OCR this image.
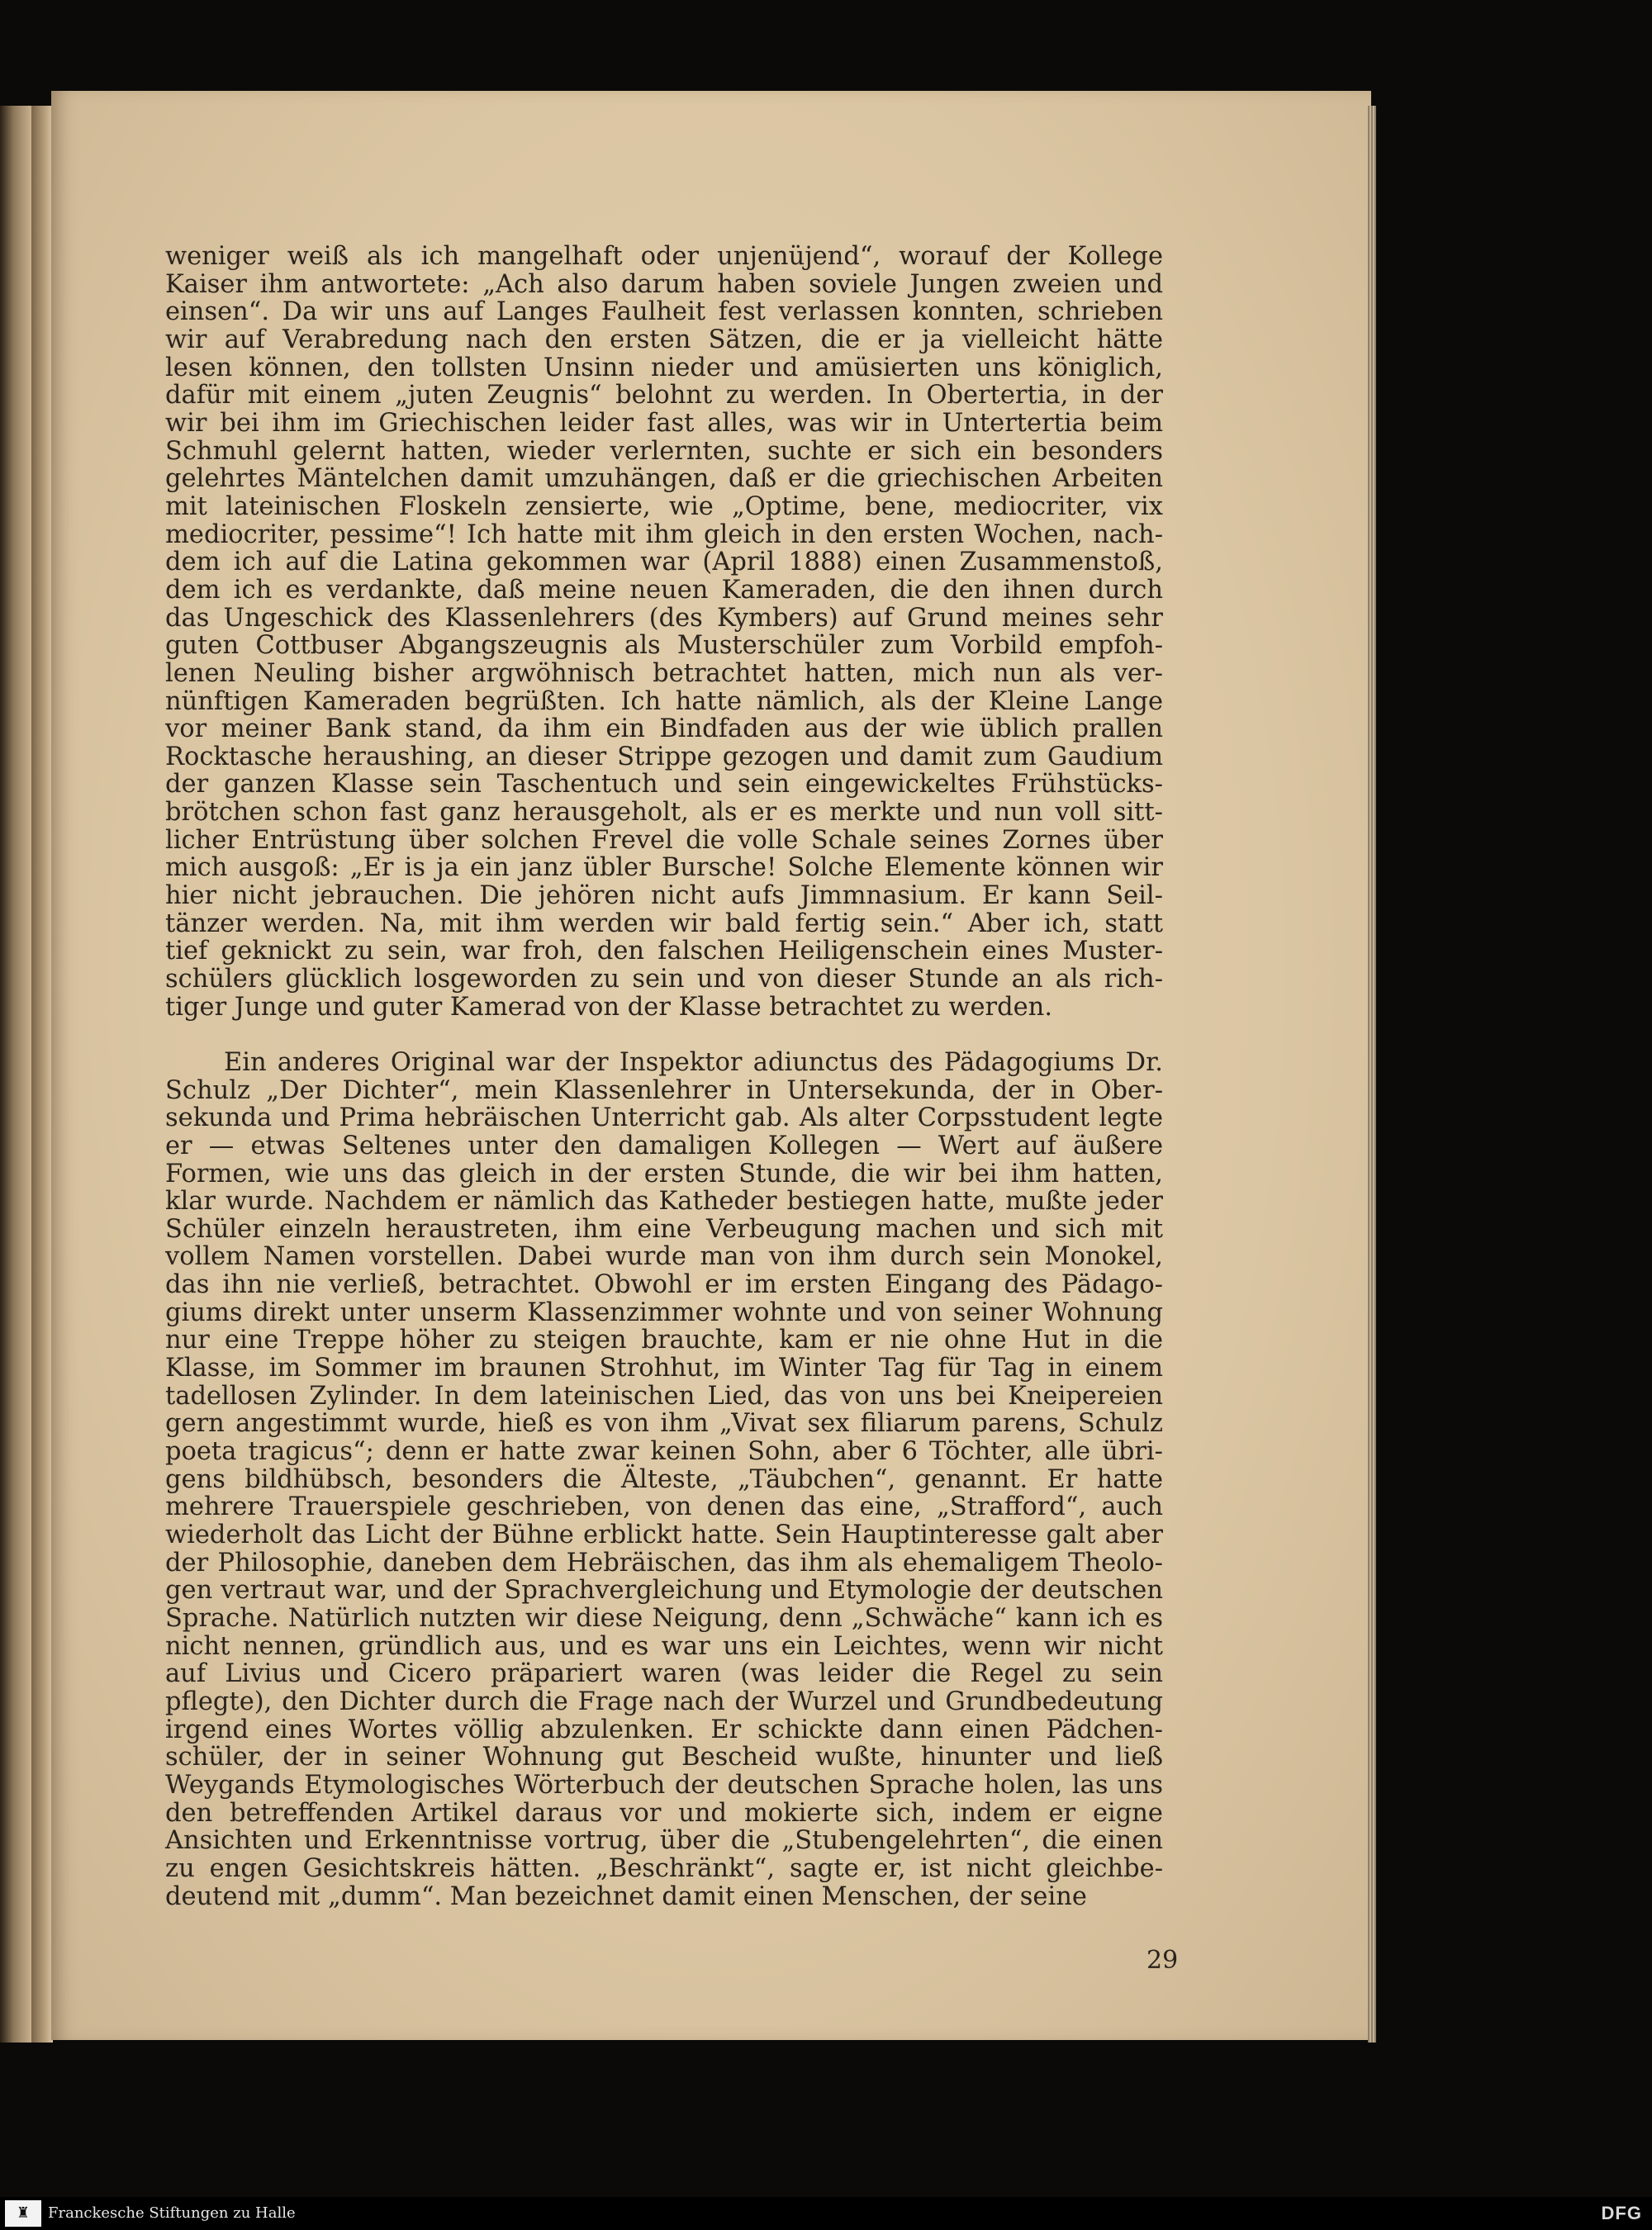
weniger weiß als ich mangelhaft oder unjenüjend“, worauf der Kollege
Kaiser ihm antwortete: „Ach also darum haben soviele Jungen zweien und
einsen“. Da wir uns auf Langes Faulheit fest verlassen konnten, schrieben
wir auf Verabredung nach den ersten Sätzen, die er ja vielleicht hätte
lesen können, den tollsten Unsinn nieder und amüsierten uns königlich,
dafür mit einem „juten Zeugnis“ belohnt zu werden. In Obertertia, in der
wir bei ihm im Griechischen leider fast alles, was wir in Untertertia beim
Schmuhl gelernt hatten, wieder verlernten, suchte er sich ein besonders
gelehrtes Mäntelchen damit umzuhängen, daß er die griechischen Arbeiten
mit lateinischen Floskeln zensierte, wie „Optime, bene, mediocriter, vix
mediocriter, pessime“! Ich hatte mit ihm gleich in den ersten Wochen, nach-
dem ich auf die Latina gekommen war (April 1888) einen Zusammenstoß,
dem ich es verdankte, daß meine neuen Kameraden, die den ihnen durch
das Ungeschick des Klassenlehrers (des Kymbers) auf Grund meines sehr
guten Cottbuser Abgangszeugnis als Musterschüler zum Vorbild empfoh-
lenen Neuling bisher argwöhnisch betrachtet hatten, mich nun als ver-
nünftigen Kameraden begrüßten. Ich hatte nämlich, als der Kleine Lange
vor meiner Bank stand, da ihm ein Bindfaden aus der wie üblich prallen
Rocktasche heraushing, an dieser Strippe gezogen und damit zum Gaudium
der ganzen Klasse sein Taschentuch und sein eingewickeltes Frühstücks-
brötchen schon fast ganz herausgeholt, als er es merkte und nun voll sitt-
licher Entrüstung über solchen Frevel die volle Schale seines Zornes über
mich ausgoß: „Er is ja ein janz übler Bursche! Solche Elemente können wir
hier nicht jebrauchen. Die jehören nicht aufs Jimmnasium. Er kann Seil-
tänzer werden. Na, mit ihm werden wir bald fertig sein.“ Aber ich, statt
tief geknickt zu sein, war froh, den falschen Heiligenschein eines Muster-
schülers glücklich losgeworden zu sein und von dieser Stunde an als rich-
tiger Junge und guter Kamerad von der Klasse betrachtet zu werden.
Ein anderes Original war der Inspektor adiunctus des Pädagogiums Dr.
Schulz „Der Dichter“, mein Klassenlehrer in Untersekunda, der in Ober-
sekunda und Prima hebräischen Unterricht gab. Als alter Corpsstudent legte
er — etwas Seltenes unter den damaligen Kollegen — Wert auf äußere
Formen, wie uns das gleich in der ersten Stunde, die wir bei ihm hatten,
klar wurde. Nachdem er nämlich das Katheder bestiegen hatte, mußte jeder
Schüler einzeln heraustreten, ihm eine Verbeugung machen und sich mit
vollem Namen vorstellen. Dabei wurde man von ihm durch sein Monokel,
das ihn nie verließ, betrachtet. Obwohl er im ersten Eingang des Pädago-
giums direkt unter unserm Klassenzimmer wohnte und von seiner Wohnung
nur eine Treppe höher zu steigen brauchte, kam er nie ohne Hut in die
Klasse, im Sommer im braunen Strohhut, im Winter Tag für Tag in einem
tadellosen Zylinder. In dem lateinischen Lied, das von uns bei Kneipereien
gern angestimmt wurde, hieß es von ihm „Vivat sex filiarum parens, Schulz
poeta tragicus“; denn er hatte zwar keinen Sohn, aber 6 Töchter, alle übri-
gens bildhübsch, besonders die Älteste, „Täubchen“, genannt. Er hatte
mehrere Trauerspiele geschrieben, von denen das eine, „Strafford“, auch
wiederholt das Licht der Bühne erblickt hatte. Sein Hauptinteresse galt aber
der Philosophie, daneben dem Hebräischen, das ihm als ehemaligem Theolo-
gen vertraut war, und der Sprachvergleichung und Etymologie der deutschen
Sprache. Natürlich nutzten wir diese Neigung, denn „Schwäche“ kann ich es
nicht nennen, gründlich aus, und es war uns ein Leichtes, wenn wir nicht
auf Livius und Cicero präpariert waren (was leider die Regel zu sein
pflegte), den Dichter durch die Frage nach der Wurzel und Grundbedeutung
irgend eines Wortes völlig abzulenken. Er schickte dann einen Pädchen-
schüler, der in seiner Wohnung gut Bescheid wußte, hinunter und ließ
Weygands Etymologisches Wörterbuch der deutschen Sprache holen, las uns
den betreffenden Artikel daraus vor und mokierte sich, indem er eigne
Ansichten und Erkenntnisse vortrug, über die „Stubengelehrten“, die einen
zu engen Gesichtskreis hätten. „Beschränkt“, sagte er, ist nicht gleichbe-
deutend mit „dumm“. Man bezeichnet damit einen Menschen, der seine
29
♜ Franckesche Stiftungen zu Halle	DFG
